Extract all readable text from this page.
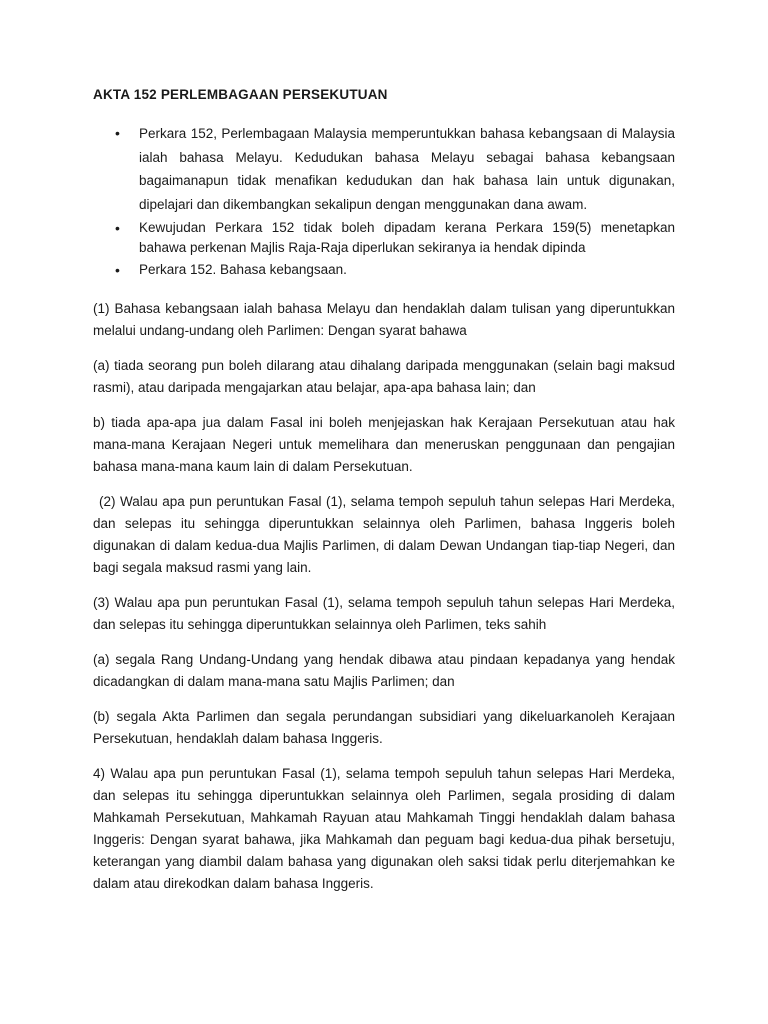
AKTA 152 PERLEMBAGAAN PERSEKUTUAN
• Perkara 152, Perlembagaan Malaysia memperuntukkan bahasa kebangsaan di Malaysia ialah bahasa Melayu. Kedudukan bahasa Melayu sebagai bahasa kebangsaan bagaimanapun tidak menafikan kedudukan dan hak bahasa lain untuk digunakan, dipelajari dan dikembangkan sekalipun dengan menggunakan dana awam.
• Kewujudan Perkara 152 tidak boleh dipadam kerana Perkara 159(5) menetapkan bahawa perkenan Majlis Raja-Raja diperlukan sekiranya ia hendak dipinda
• Perkara 152. Bahasa kebangsaan.

(1) Bahasa kebangsaan ialah bahasa Melayu dan hendaklah dalam tulisan yang diperuntukkan melalui undang-undang oleh Parlimen: Dengan syarat bahawa

(a) tiada seorang pun boleh dilarang atau dihalang daripada menggunakan (selain bagi maksud rasmi), atau daripada mengajarkan atau belajar, apa-apa bahasa lain; dan

b) tiada apa-apa jua dalam Fasal ini boleh menjejaskan hak Kerajaan Persekutuan atau hak mana-mana Kerajaan Negeri untuk memelihara dan meneruskan penggunaan dan pengajian bahasa mana-mana kaum lain di dalam Persekutuan.

(2) Walau apa pun peruntukan Fasal (1), selama tempoh sepuluh tahun selepas Hari Merdeka, dan selepas itu sehingga diperuntukkan selainnya oleh Parlimen, bahasa Inggeris boleh digunakan di dalam kedua-dua Majlis Parlimen, di dalam Dewan Undangan tiap-tiap Negeri, dan bagi segala maksud rasmi yang lain.

(3) Walau apa pun peruntukan Fasal (1), selama tempoh sepuluh tahun selepas Hari Merdeka, dan selepas itu sehingga diperuntukkan selainnya oleh Parlimen, teks sahih

(a) segala Rang Undang-Undang yang hendak dibawa atau pindaan kepadanya yang hendak dicadangkan di dalam mana-mana satu Majlis Parlimen; dan

(b) segala Akta Parlimen dan segala perundangan subsidiari yang dikeluarkanoleh Kerajaan Persekutuan, hendaklah dalam bahasa Inggeris.

4) Walau apa pun peruntukan Fasal (1), selama tempoh sepuluh tahun selepas Hari Merdeka, dan selepas itu sehingga diperuntukkan selainnya oleh Parlimen, segala prosiding di dalam Mahkamah Persekutuan, Mahkamah Rayuan atau Mahkamah Tinggi hendaklah dalam bahasa Inggeris: Dengan syarat bahawa, jika Mahkamah dan peguam bagi kedua-dua pihak bersetuju, keterangan yang diambil dalam bahasa yang digunakan oleh saksi tidak perlu diterjemahkan ke dalam atau direkodkan dalam bahasa Inggeris.
